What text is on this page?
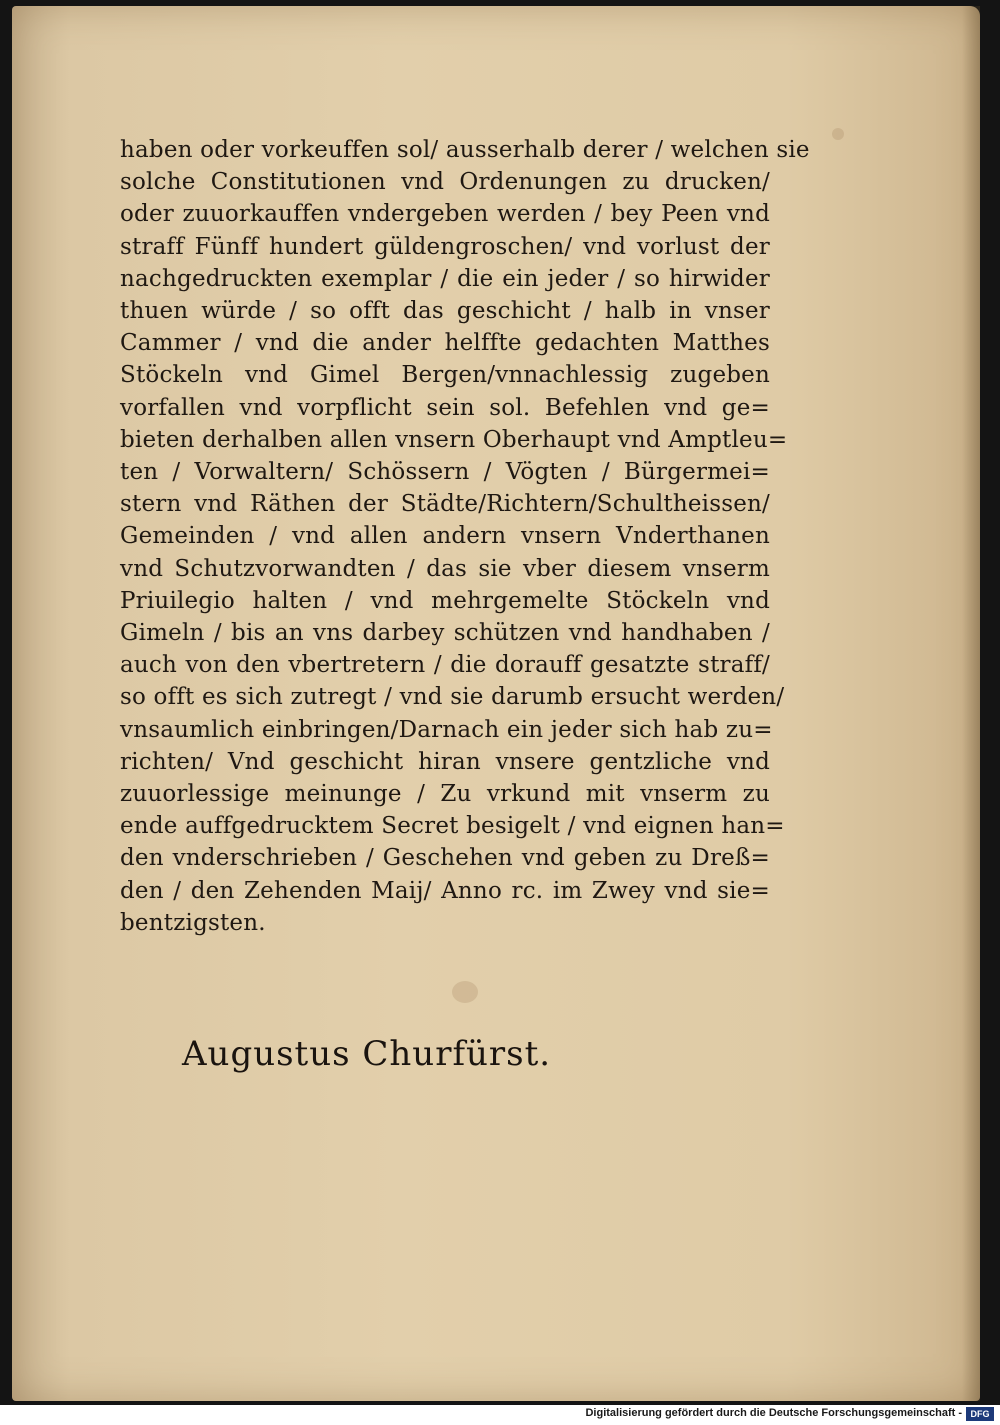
haben oder vorkeuffen sol/ ausserhalb derer / welchen sie

solche Constitutionen vnd Ordenungen zu drucken/

oder zuuorkauffen vndergeben werden / bey Peen vnd

straff Fünff hundert güldengroschen/ vnd vorlust der

nachgedruckten exemplar / die ein jeder / so hirwider

thuen würde / so offt das geschicht / halb in vnser

Cammer / vnd die ander helffte gedachten Matthes

Stöckeln vnd Gimel Bergen/vnnachlessig zugeben

vorfallen vnd vorpflicht sein sol. Befehlen vnd ge=

bieten derhalben allen vnsern Oberhaupt vnd Amptleu=

ten / Vorwaltern/ Schössern / Vögten / Bürgermei=

stern vnd Räthen der Städte/Richtern/Schultheissen/

Gemeinden / vnd allen andern vnsern Vnderthanen

vnd Schutzvorwandten / das sie vber diesem vnserm

Priuilegio halten / vnd mehrgemelte Stöckeln vnd

Gimeln / bis an vns darbey schützen vnd handhaben /

auch von den vbertretern / die dorauff gesatzte straff/

so offt es sich zutregt / vnd sie darumb ersucht werden/

vnsaumlich einbringen/Darnach ein jeder sich hab zu=

richten/ Vnd geschicht hiran vnsere gentzliche vnd

zuuorlessige meinunge / Zu vrkund mit vnserm zu

ende auffgedrucktem Secret besigelt / vnd eignen han=

den vnderschrieben / Geschehen vnd geben zu Dreß=

den / den Zehenden Maij/ Anno rc. im Zwey vnd sie=

bentzigsten.

Augustus Churfürst.
Digitalisierung gefördert durch die Deutsche Forschungsgemeinschaft - DFG
